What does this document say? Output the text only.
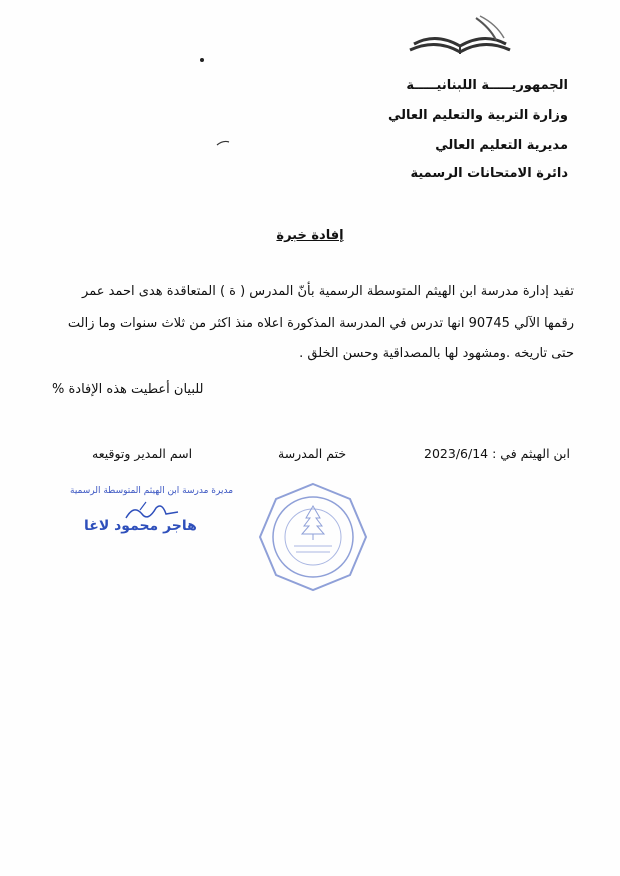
الجمهوريـــــة اللبنانيـــــة
وزارة التربية والتعليم العالي
مديرية التعليم العالي
دائرة الامتحانات الرسمية
إفادة خبرة
تفيد إدارة مدرسة ابن الهيثم المتوسطة الرسمية بأنّ المدرس ( ة ) المتعاقدة هدى احمد عمر
رقمها الآلي 90745 انها تدرس في المدرسة المذكورة اعلاه منذ اكثر من ثلاث سنوات وما زالت
حتى تاريخه .ومشهود لها بالمصداقية وحسن الخلق .
للبيان أعطيت هذه الإفادة %
ابن الهيثم في : 2023/6/14
ختم المدرسة
اسم المدير وتوقيعه
مديرة مدرسة ابن الهيثم المتوسطة الرسمية
هاجر محمود لاغا
